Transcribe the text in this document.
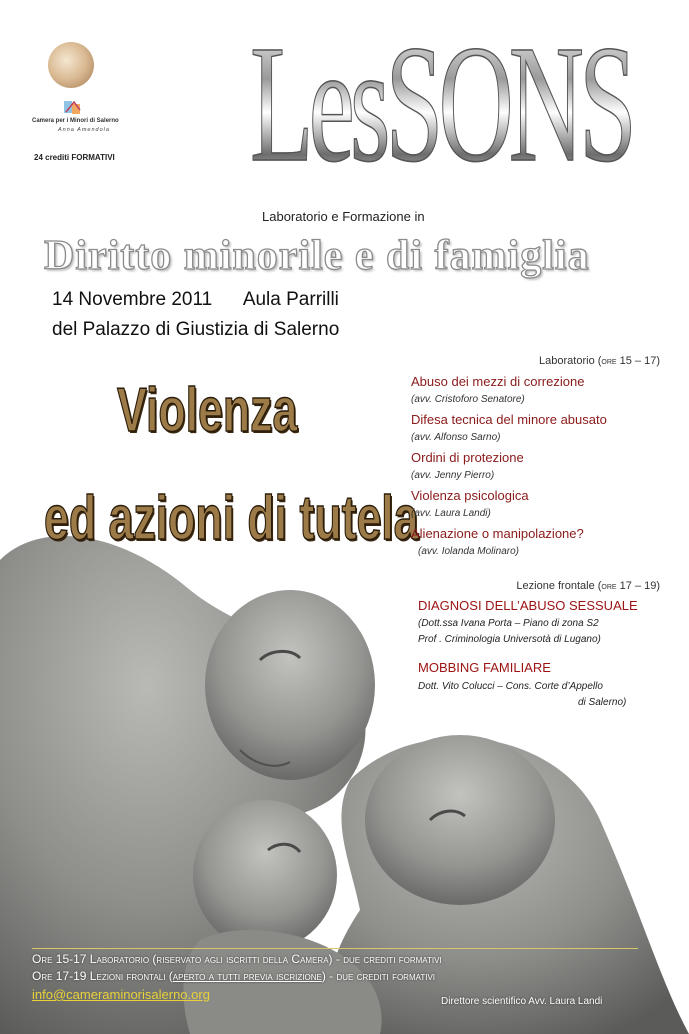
Camera per i Minori di Salerno
Anna Amendola
24 crediti FORMATIVI LesSONS
Laboratorio e Formazione in
Diritto minorile e di famiglia
14 Novembre 2011      Aula Parrilli
del Palazzo di Giustizia di Salerno
Violenza
ed azioni di tutela
Laboratorio (ORE 15 – 17)
Abuso dei mezzi di correzione
(avv. Cristoforo Senatore)
Difesa tecnica del minore abusato
(avv. Alfonso Sarno)
Ordini di protezione
(avv. Jenny Pierro)
Violenza psicologica
(avv. Laura Landi)
Alienazione o manipolazione?
(avv. Iolanda Molinaro)
Lezione frontale (ORE 17 – 19)
DIAGNOSI DELL’ABUSO SESSUALE
(Dott.ssa Ivana Porta – Piano di zona S2
Prof . Criminologia Universotà di Lugano)
MOBBING FAMILIARE
Dott. Vito Colucci – Cons. Corte d’Appello
di Salerno)
Ore 15-17 Laboratorio (riservato agli iscritti della Camera) - due crediti formativi
Ore 17-19 Lezioni frontali (aperto a tutti previa iscrizione) - due crediti formativi
info@cameraminorisalerno.org	Direttore scientifico Avv. Laura Landi
